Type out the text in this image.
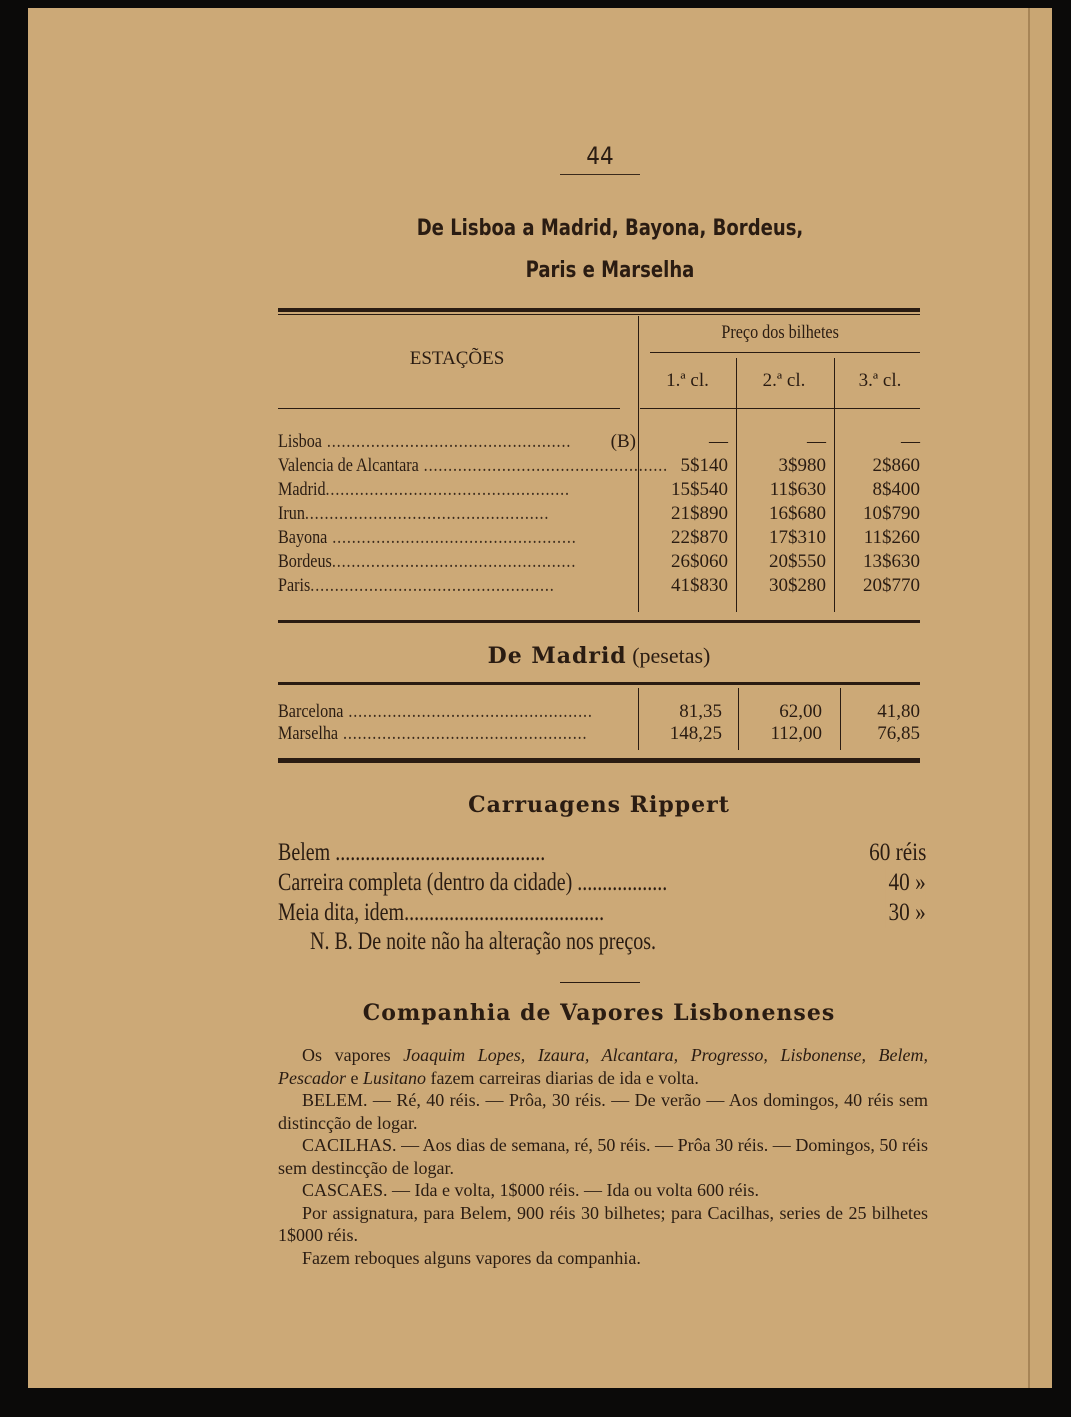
44
De Lisboa a Madrid, Bayona, Bordeus,
Paris e Marselha
ESTAÇÕES
Preço dos bilhetes
1.ª cl.	2.ª cl.	3.ª cl.
Lisboa ..................................................	(B)	—	—	—
Valencia de Alcantara .................................................. 5$140	3$980	2$860
Madrid..................................................	15$540	11$630	8$400
Irun..................................................	21$890	16$680	10$790
Bayona ..................................................	22$870	17$310	11$260
Bordeus..................................................	26$060	20$550	13$630
Paris..................................................	41$830	30$280	20$770
De Madrid (pesetas)
Barcelona ..................................................	81,35	62,00	41,80
Marselha ..................................................	148,25	112,00	76,85
Carruagens Rippert
Belem ..........................................	60 réis
Carreira completa (dentro da cidade) ..................	40 »
Meia dita, idem........................................	30 »
N. B. De noite não ha alteração nos preços.
Companhia de Vapores Lisbonenses

Os vapores Joaquim Lopes, Izaura, Alcantara, Progresso, Lisbonense, Belem, Pescador e Lusitano fazem carreiras diarias de ida e volta.

BELEM. — Ré, 40 réis. — Prôa, 30 réis. — De verão — Aos domingos, 40 réis sem distincção de logar.

CACILHAS. — Aos dias de semana, ré, 50 réis. — Prôa 30 réis. — Domingos, 50 réis sem destincção de logar.

CASCAES. — Ida e volta, 1$000 réis. — Ida ou volta 600 réis.

Por assignatura, para Belem, 900 réis 30 bilhetes; para Cacilhas, series de 25 bilhetes 1$000 réis.

Fazem reboques alguns vapores da companhia.
